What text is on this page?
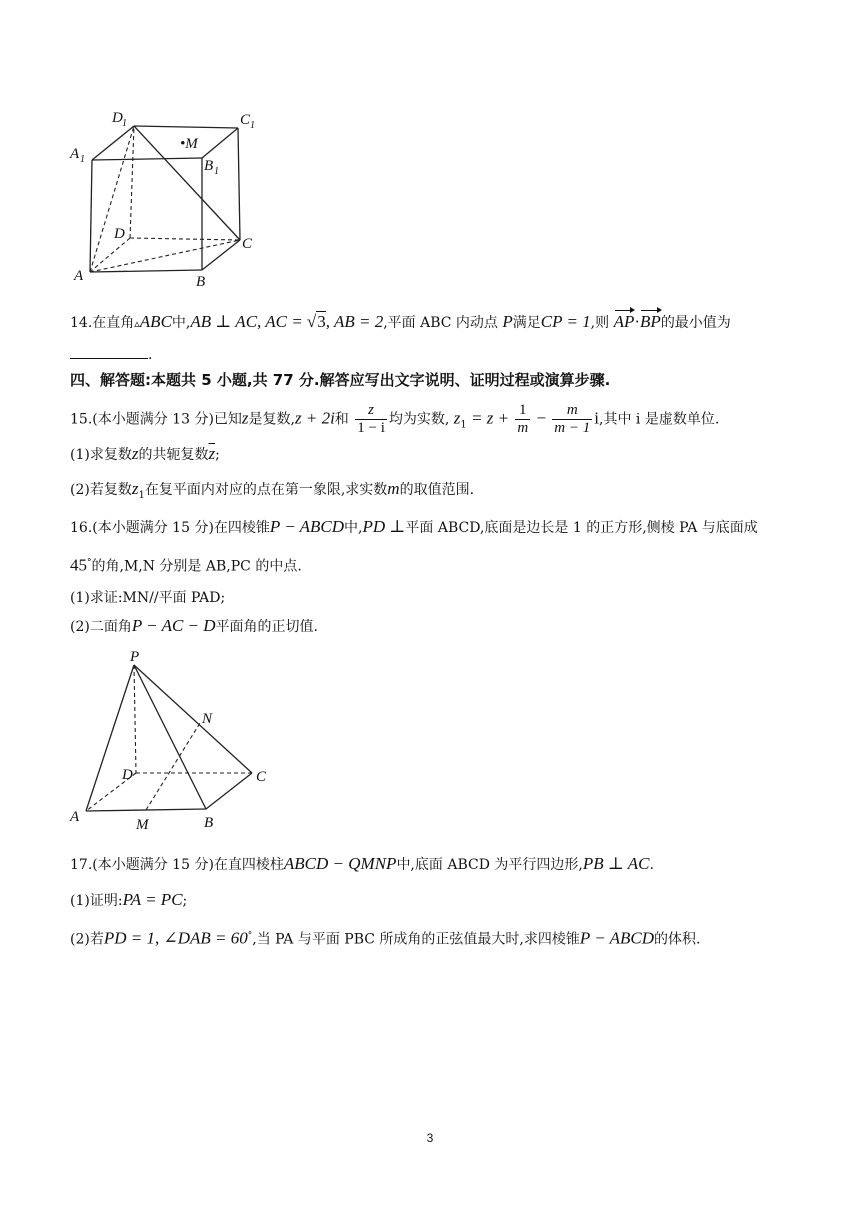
D 1	C 1
A 1	B 1
•M
D
C
A	B
14.在直角▵ABC中,AB ⊥ AC, AC = √3, AB = 2,平面 ABC 内动点 P满足CP = 1,则 AP·BP的最小值为
.
四、解答题:本题共 5 小题,共 77 分.解答应写出文字说明、证明过程或演算步骤.
15.(本小题满分 13 分)已知z是复数,z + 2i和 $\frac{z}{1 - i}$ 均为实数, $z_1 = z + \frac{1}{m} - \frac{m}{m - 1} i$,其中 i 是虚数单位.
(1)求复数z的共轭复数$\overline{z}$;
(2)若复数$z_1$在复平面内对应的点在第一象限,求实数m的取值范围.
16.(本小题满分 15 分)在四棱锥P − ABCD中,PD ⊥平面 ABCD,底面是边长是 1 的正方形,侧棱 PA 与底面成
45°的角,M,N 分别是 AB,PC 的中点.
(1)求证:MN//平面 PAD;
(2)二面角P − AC − D平面角的正切值.
P
N
D	C
A	M	B
17.(本小题满分 15 分)在直四棱柱ABCD − QMNP中,底面 ABCD 为平行四边形,PB ⊥ AC.
(1)证明:PA = PC;
(2)若PD = 1, ∠DAB = 60°,当 PA 与平面 PBC 所成角的正弦值最大时,求四棱锥P − ABCD的体积.
3
